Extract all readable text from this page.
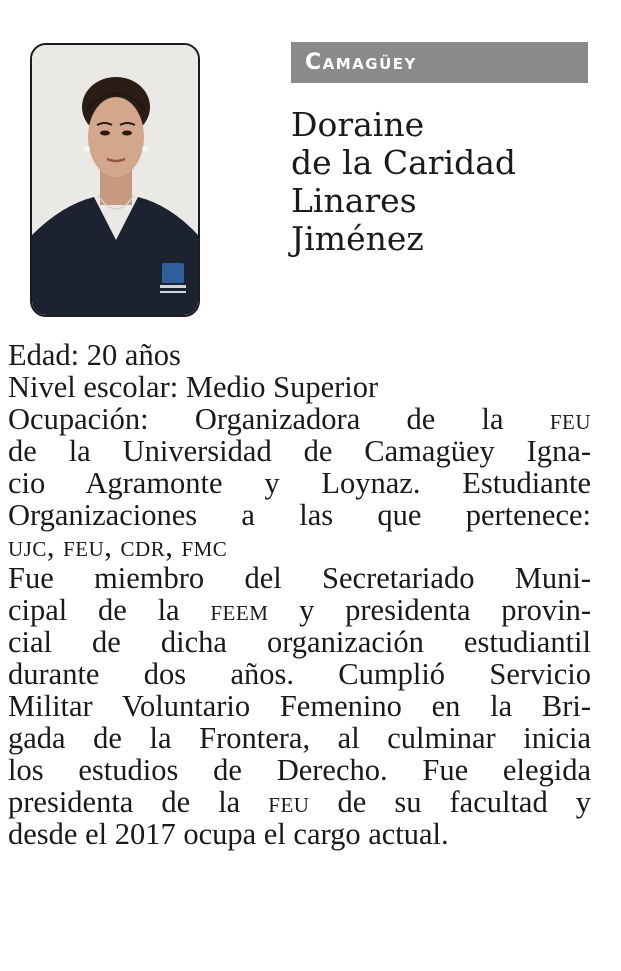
Camagüey
Doraine
de la Caridad
Linares
Jiménez
Edad: 20 años
Nivel escolar: Medio Superior
Ocupación: Organizadora de la feu
de la Universidad de Camagüey Igna-
cio Agramonte y Loynaz. Estudiante
Organizaciones a las que pertenece:
ujc, feu, cdr, fmc
Fue miembro del Secretariado Muni-
cipal de la feem y presidenta provin-
cial de dicha organización estudiantil
durante dos años. Cumplió Servicio
Militar Voluntario Femenino en la Bri-
gada de la Frontera, al culminar inicia
los estudios de Derecho. Fue elegida
presidenta de la feu de su facultad y
desde el 2017 ocupa el cargo actual.
